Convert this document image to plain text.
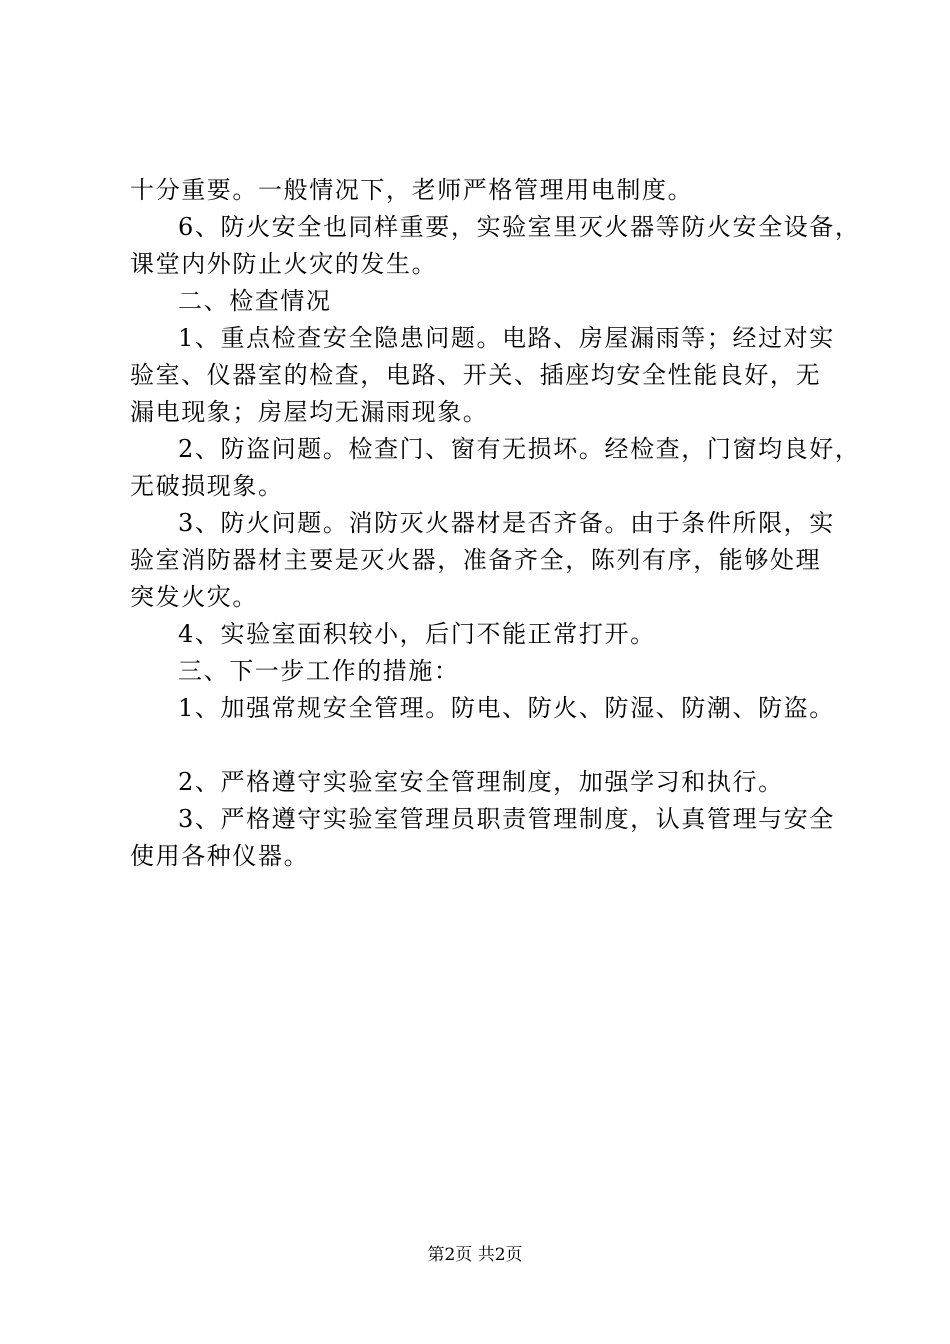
十分重要。一般情况下，老师严格管理用电制度。
6、防火安全也同样重要，实验室里灭火器等防火安全设备，
课堂内外防止火灾的发生。
二、检查情况
1、重点检查安全隐患问题。电路、房屋漏雨等；经过对实
验室、仪器室的检查，电路、开关、插座均安全性能良好，无
漏电现象；房屋均无漏雨现象。
2、防盗问题。检查门、窗有无损坏。经检查，门窗均良好，
无破损现象。
3、防火问题。消防灭火器材是否齐备。由于条件所限，实
验室消防器材主要是灭火器，准备齐全，陈列有序，能够处理
突发火灾。
4、实验室面积较小，后门不能正常打开。
三、下一步工作的措施：
1、加强常规安全管理。防电、防火、防湿、防潮、防盗。
2、严格遵守实验室安全管理制度，加强学习和执行。
3、严格遵守实验室管理员职责管理制度，认真管理与安全
使用各种仪器。
第2页 共2页
